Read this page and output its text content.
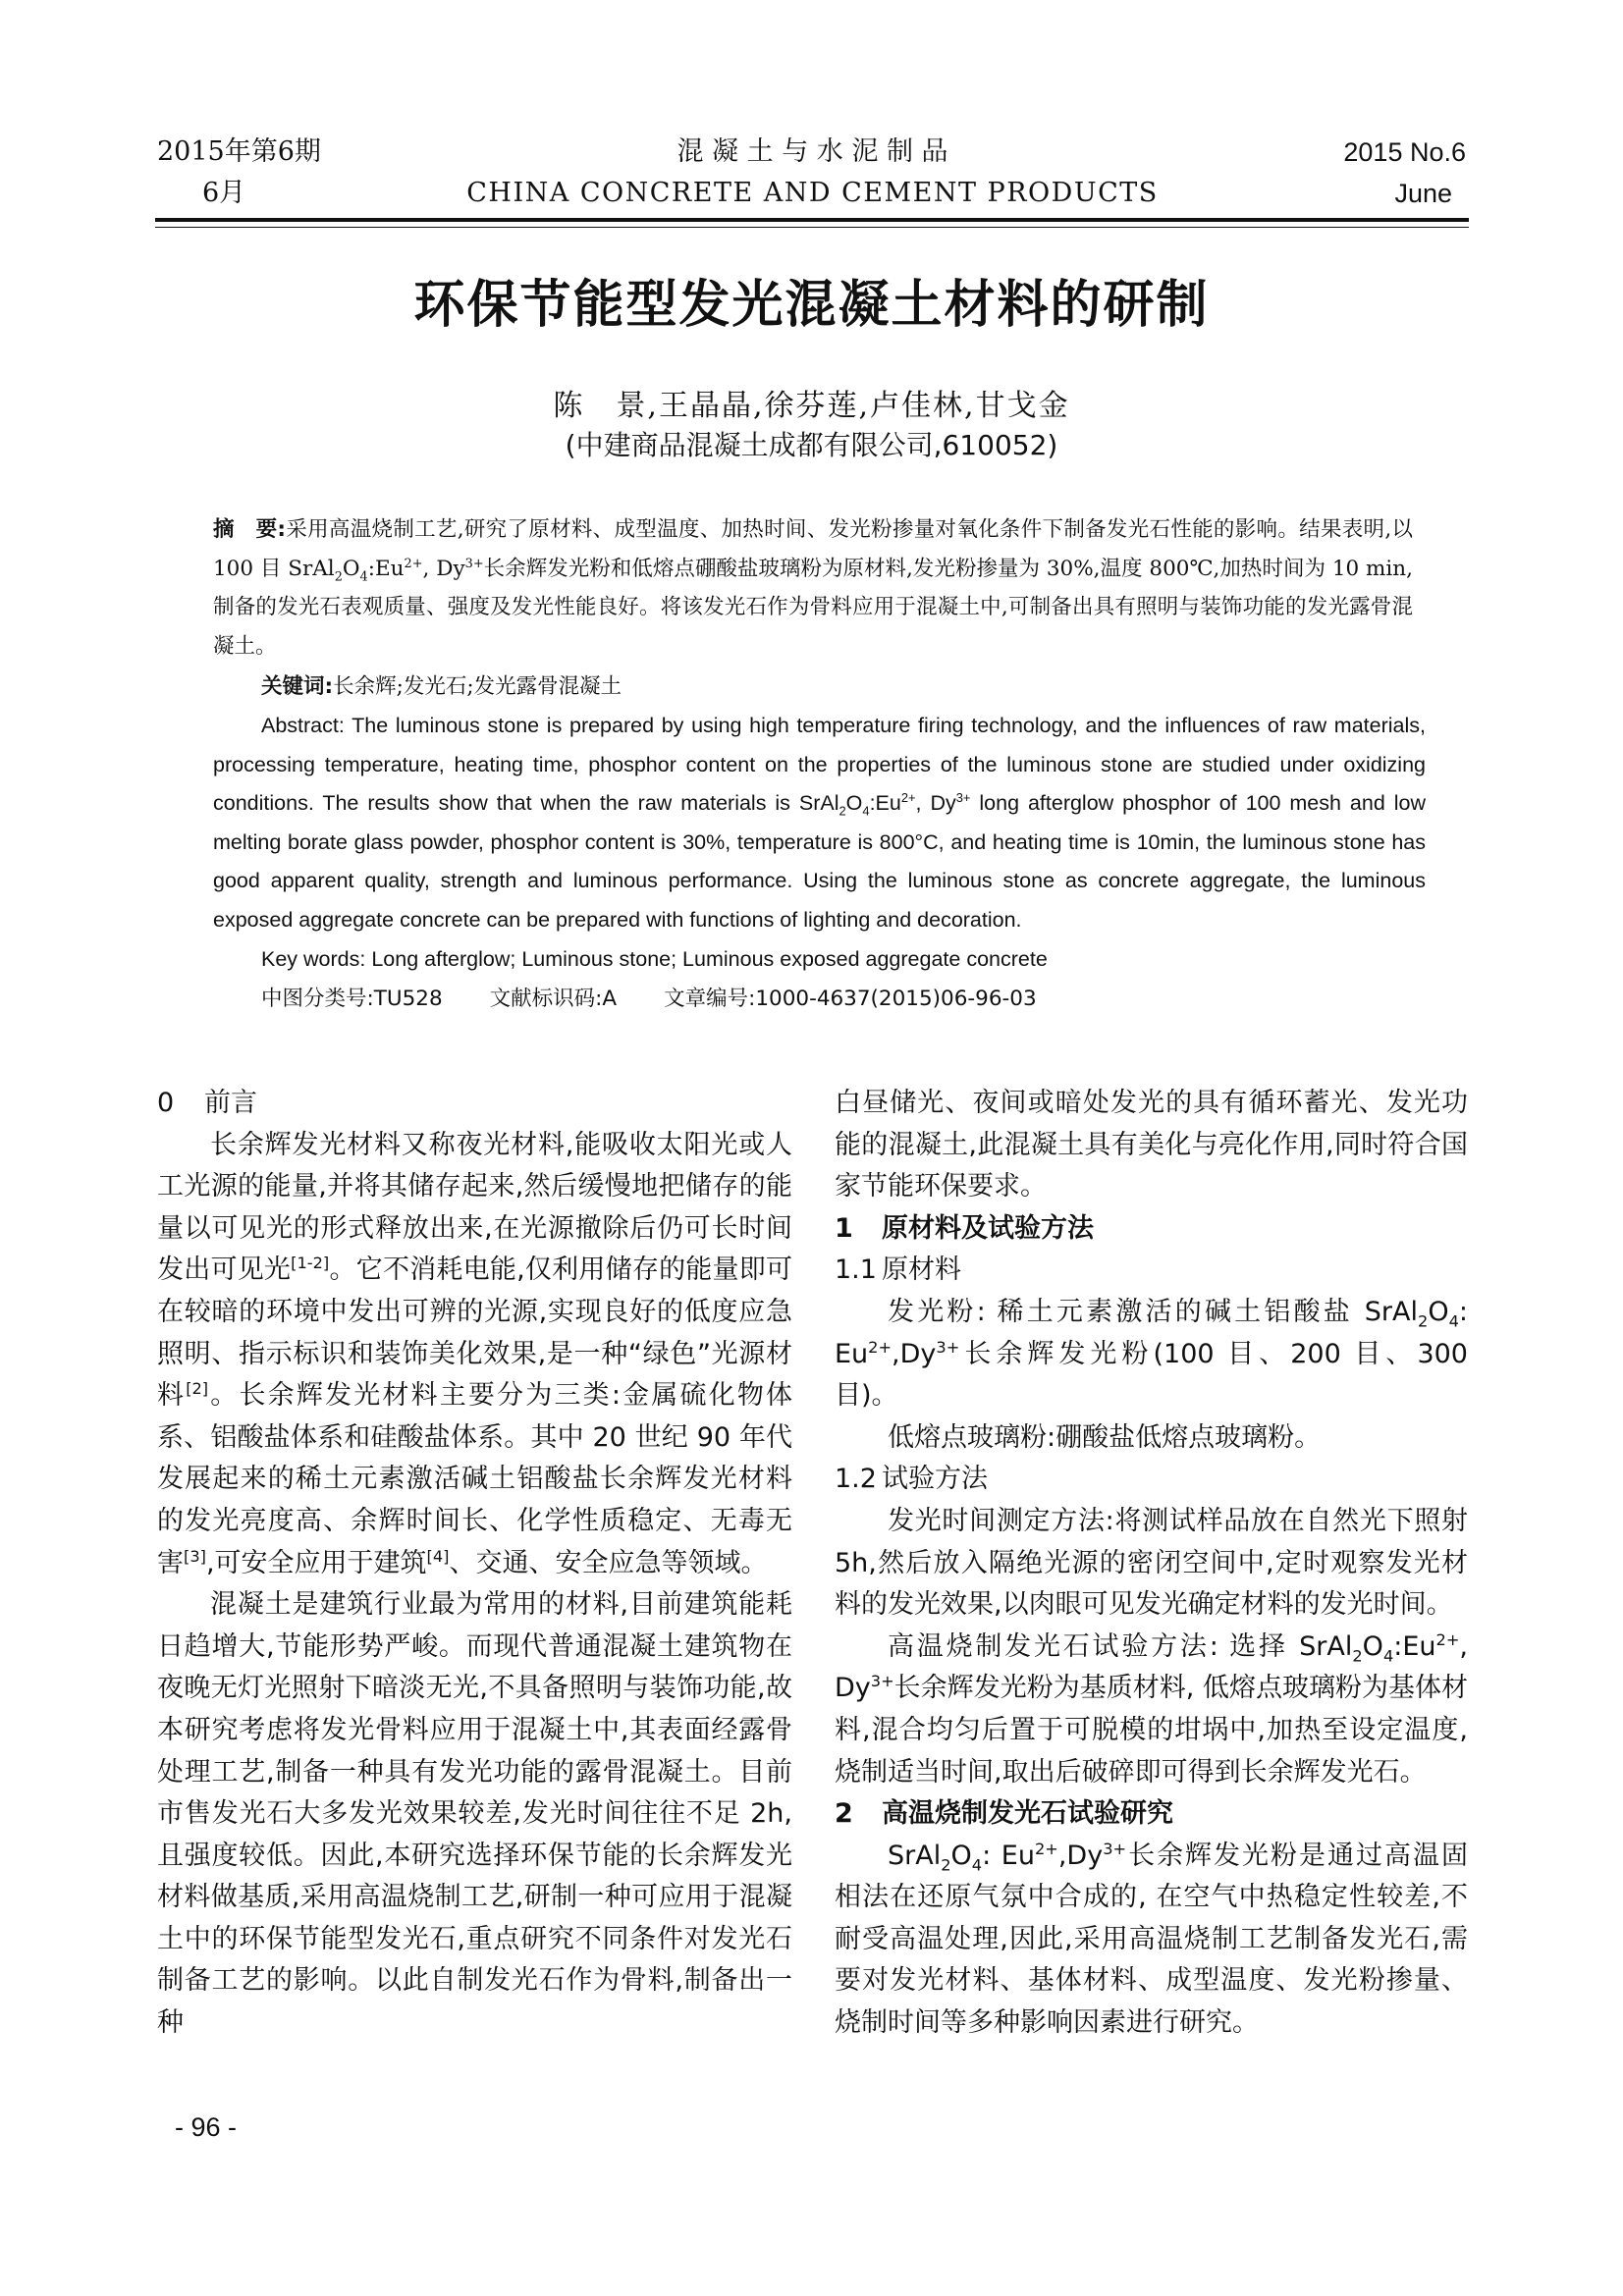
2015年第6期
6月
混 凝 土 与 水 泥 制 品
CHINA CONCRETE AND CEMENT PRODUCTS
2015 No.6
June
环保节能型发光混凝土材料的研制
陈　景,王晶晶,徐芬莲,卢佳林,甘戈金
(中建商品混凝土成都有限公司,610052)
摘　要:采用高温烧制工艺,研究了原材料、成型温度、加热时间、发光粉掺量对氧化条件下制备发光石性能的影响。结果表明,以 100 目 $SrAl_2O_4:Eu^{2+}$, $Dy^{3+}$长余辉发光粉和低熔点硼酸盐玻璃粉为原材料,发光粉掺量为 30%,温度 800℃,加热时间为 10 min,制备的发光石表观质量、强度及发光性能良好。将该发光石作为骨料应用于混凝土中,可制备出具有照明与装饰功能的发光露骨混凝土。
关键词:长余辉;发光石;发光露骨混凝土
Abstract: The luminous stone is prepared by using high temperature firing technology, and the influences of raw materials, processing temperature, heating time, phosphor content on the properties of the luminous stone are studied under oxidizing conditions. The results show that when the raw materials is $SrAl_2O_4:Eu^{2+}$, $Dy^{3+}$ long afterglow phosphor of 100 mesh and low melting borate glass powder, phosphor content is 30%, temperature is 800°C, and heating time is 10min, the luminous stone has good apparent quality, strength and luminous performance. Using the luminous stone as concrete aggregate, the luminous exposed aggregate concrete can be prepared with functions of lighting and decoration.
Key words: Long afterglow; Luminous stone; Luminous exposed aggregate concrete
中图分类号:TU528 文献标识码:A 文章编号:1000-4637(2015)06-96-03
0 前言

长余辉发光材料又称夜光材料,能吸收太阳光或人工光源的能量,并将其储存起来,然后缓慢地把储存的能量以可见光的形式释放出来,在光源撤除后仍可长时间发出可见光[1-2]。它不消耗电能,仅利用储存的能量即可在较暗的环境中发出可辨的光源,实现良好的低度应急照明、指示标识和装饰美化效果,是一种“绿色”光源材料[2]。长余辉发光材料主要分为三类:金属硫化物体系、铝酸盐体系和硅酸盐体系。其中 20 世纪 90 年代发展起来的稀土元素激活碱土铝酸盐长余辉发光材料的发光亮度高、余辉时间长、化学性质稳定、无毒无害[3],可安全应用于建筑[4]、交通、安全应急等领域。

混凝土是建筑行业最为常用的材料,目前建筑能耗日趋增大,节能形势严峻。而现代普通混凝土建筑物在夜晚无灯光照射下暗淡无光,不具备照明与装饰功能,故本研究考虑将发光骨料应用于混凝土中,其表面经露骨处理工艺,制备一种具有发光功能的露骨混凝土。目前市售发光石大多发光效果较差,发光时间往往不足 2h,且强度较低。因此,本研究选择环保节能的长余辉发光材料做基质,采用高温烧制工艺,研制一种可应用于混凝土中的环保节能型发光石,重点研究不同条件对发光石制备工艺的影响。以此自制发光石作为骨料,制备出一种

白昼储光、夜间或暗处发光的具有循环蓄光、发光功能的混凝土,此混凝土具有美化与亮化作用,同时符合国家节能环保要求。

1 原材料及试验方法
1.1 原材料

发光粉: 稀土元素激活的碱土铝酸盐 $SrAl_2O_4$: $Eu^{2+},Dy^{3+}$长余辉发光粉(100 目、200 目、300 目)。

低熔点玻璃粉:硼酸盐低熔点玻璃粉。

1.2 试验方法

发光时间测定方法:将测试样品放在自然光下照射 5h,然后放入隔绝光源的密闭空间中,定时观察发光材料的发光效果,以肉眼可见发光确定材料的发光时间。

高温烧制发光石试验方法: 选择 $SrAl_2O_4:Eu^{2+}$, $Dy^{3+}$长余辉发光粉为基质材料, 低熔点玻璃粉为基体材料,混合均匀后置于可脱模的坩埚中,加热至设定温度,烧制适当时间,取出后破碎即可得到长余辉发光石。

2 高温烧制发光石试验研究

$SrAl_2O_4$: $Eu^{2+},Dy^{3+}$长余辉发光粉是通过高温固相法在还原气氛中合成的, 在空气中热稳定性较差,不耐受高温处理,因此,采用高温烧制工艺制备发光石,需要对发光材料、基体材料、成型温度、发光粉掺量、烧制时间等多种影响因素进行研究。

- 96 -
